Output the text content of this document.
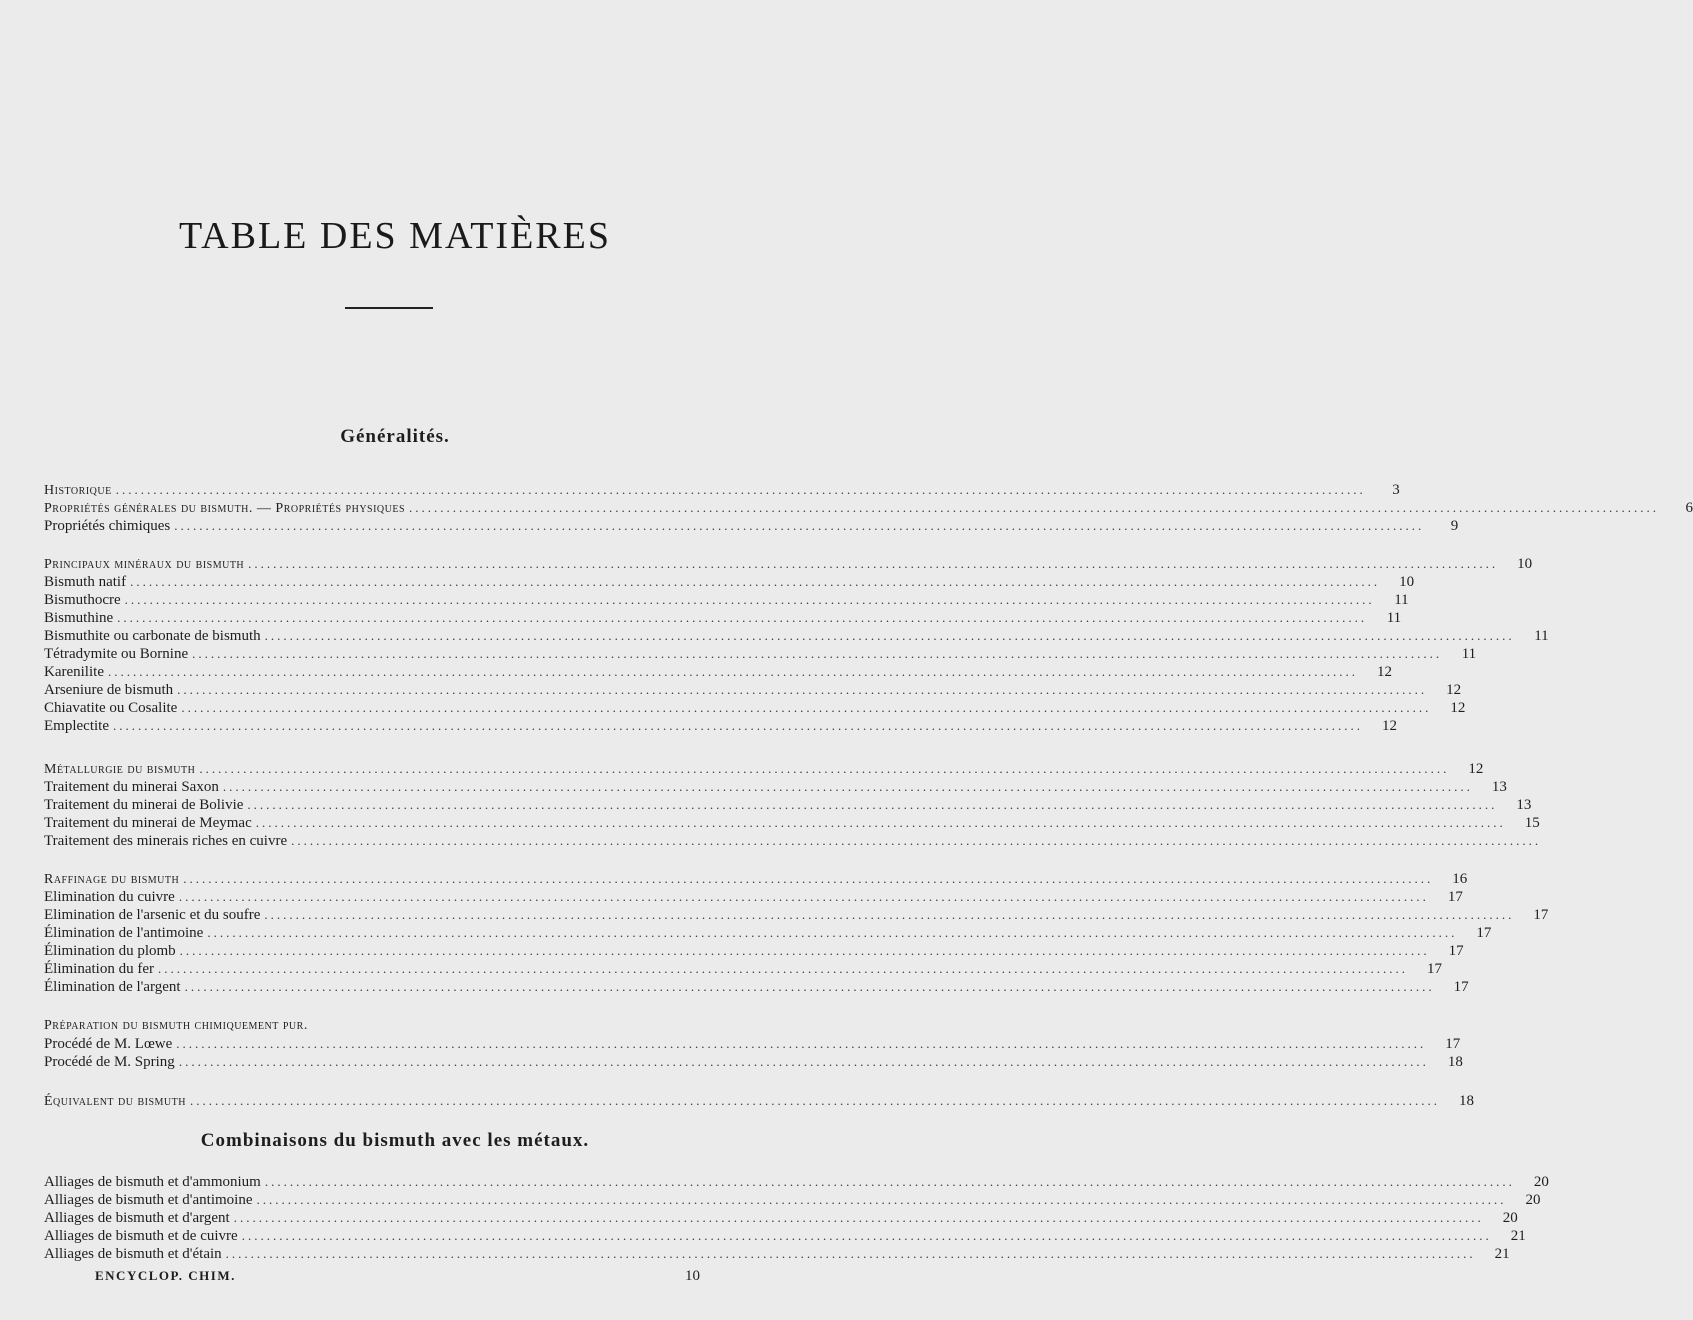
TABLE DES MATIÈRES
Généralités.
Historique ........................................................................................................................................................................................................	3
Propriétés générales du bismuth. — Propriétés physiques ........................................................................................................................................................................................................	6
Propriétés chimiques ........................................................................................................................................................................................................	9
Principaux minéraux du bismuth ........................................................................................................................................................................................................	10
Bismuth natif ........................................................................................................................................................................................................	10
Bismuthocre ........................................................................................................................................................................................................	11
Bismuthine ........................................................................................................................................................................................................	11
Bismuthite ou carbonate de bismuth ........................................................................................................................................................................................................	11
Tétradymite ou Bornine ........................................................................................................................................................................................................	11
Karenilite ........................................................................................................................................................................................................	12
Arseniure de bismuth ........................................................................................................................................................................................................	12
Chiavatite ou Cosalite ........................................................................................................................................................................................................	12
Emplectite ........................................................................................................................................................................................................	12
Métallurgie du bismuth ........................................................................................................................................................................................................	12
Traitement du minerai Saxon ........................................................................................................................................................................................................	13
Traitement du minerai de Bolivie ........................................................................................................................................................................................................	13
Traitement du minerai de Meymac ........................................................................................................................................................................................................	15
Traitement des minerais riches en cuivre ........................................................................................................................................................................................................
Raffinage du bismuth ........................................................................................................................................................................................................	16
Elimination du cuivre ........................................................................................................................................................................................................	17
Elimination de l'arsenic et du soufre ........................................................................................................................................................................................................	17
Élimination de l'antimoine ........................................................................................................................................................................................................	17
Élimination du plomb ........................................................................................................................................................................................................	17
Élimination du fer ........................................................................................................................................................................................................	17
Élimination de l'argent ........................................................................................................................................................................................................	17
Préparation du bismuth chimiquement pur.
Procédé de M. Lœwe ........................................................................................................................................................................................................	17
Procédé de M. Spring ........................................................................................................................................................................................................	18
Équivalent du bismuth ........................................................................................................................................................................................................	18
Combinaisons du bismuth avec les métaux.
Alliages de bismuth et d'ammonium ........................................................................................................................................................................................................	20
Alliages de bismuth et d'antimoine ........................................................................................................................................................................................................	20
Alliages de bismuth et d'argent ........................................................................................................................................................................................................	20
Alliages de bismuth et de cuivre ........................................................................................................................................................................................................	21
Alliages de bismuth et d'étain ........................................................................................................................................................................................................	21
ENCYCLOP. CHIM.	10
